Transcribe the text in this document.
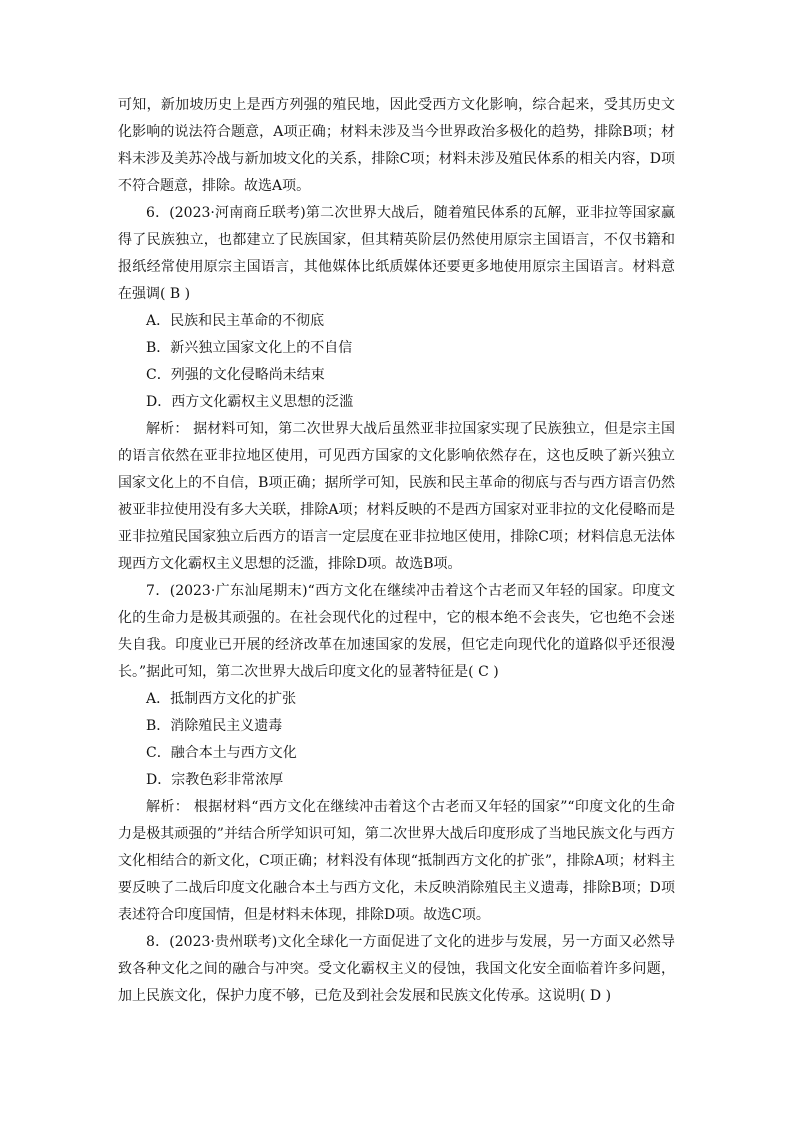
可知，新加坡历史上是西方列强的殖民地，因此受西方文化影响，综合起来，受其历史文化影响的说法符合题意，A项正确；材料未涉及当今世界政治多极化的趋势，排除B项；材料未涉及美苏冷战与新加坡文化的关系，排除C项；材料未涉及殖民体系的相关内容，D项不符合题意，排除。故选A项。

6．(2023·河南商丘联考)第二次世界大战后，随着殖民体系的瓦解，亚非拉等国家赢得了民族独立，也都建立了民族国家，但其精英阶层仍然使用原宗主国语言，不仅书籍和报纸经常使用原宗主国语言，其他媒体比纸质媒体还要更多地使用原宗主国语言。材料意在强调( B )

A．民族和民主革命的不彻底

B．新兴独立国家文化上的不自信

C．列强的文化侵略尚未结束

D．西方文化霸权主义思想的泛滥

解析： 据材料可知，第二次世界大战后虽然亚非拉国家实现了民族独立，但是宗主国的语言依然在亚非拉地区使用，可见西方国家的文化影响依然存在，这也反映了新兴独立国家文化上的不自信，B项正确；据所学可知，民族和民主革命的彻底与否与西方语言仍然被亚非拉使用没有多大关联，排除A项；材料反映的不是西方国家对亚非拉的文化侵略而是亚非拉殖民国家独立后西方的语言一定层度在亚非拉地区使用，排除C项；材料信息无法体现西方文化霸权主义思想的泛滥，排除D项。故选B项。

7．(2023·广东汕尾期末)“西方文化在继续冲击着这个古老而又年轻的国家。印度文化的生命力是极其顽强的。在社会现代化的过程中，它的根本绝不会丧失，它也绝不会迷失自我。印度业已开展的经济改革在加速国家的发展，但它走向现代化的道路似乎还很漫长。”据此可知，第二次世界大战后印度文化的显著特征是( C )

A．抵制西方文化的扩张

B．消除殖民主义遗毒

C．融合本土与西方文化

D．宗教色彩非常浓厚

解析： 根据材料“西方文化在继续冲击着这个古老而又年轻的国家”“印度文化的生命力是极其顽强的”并结合所学知识可知，第二次世界大战后印度形成了当地民族文化与西方文化相结合的新文化，C项正确；材料没有体现“抵制西方文化的扩张”，排除A项；材料主要反映了二战后印度文化融合本土与西方文化，未反映消除殖民主义遗毒，排除B项；D项表述符合印度国情，但是材料未体现，排除D项。故选C项。

8．(2023·贵州联考)文化全球化一方面促进了文化的进步与发展，另一方面又必然导致各种文化之间的融合与冲突。受文化霸权主义的侵蚀，我国文化安全面临着许多问题，加上民族文化，保护力度不够，已危及到社会发展和民族文化传承。这说明( D )
